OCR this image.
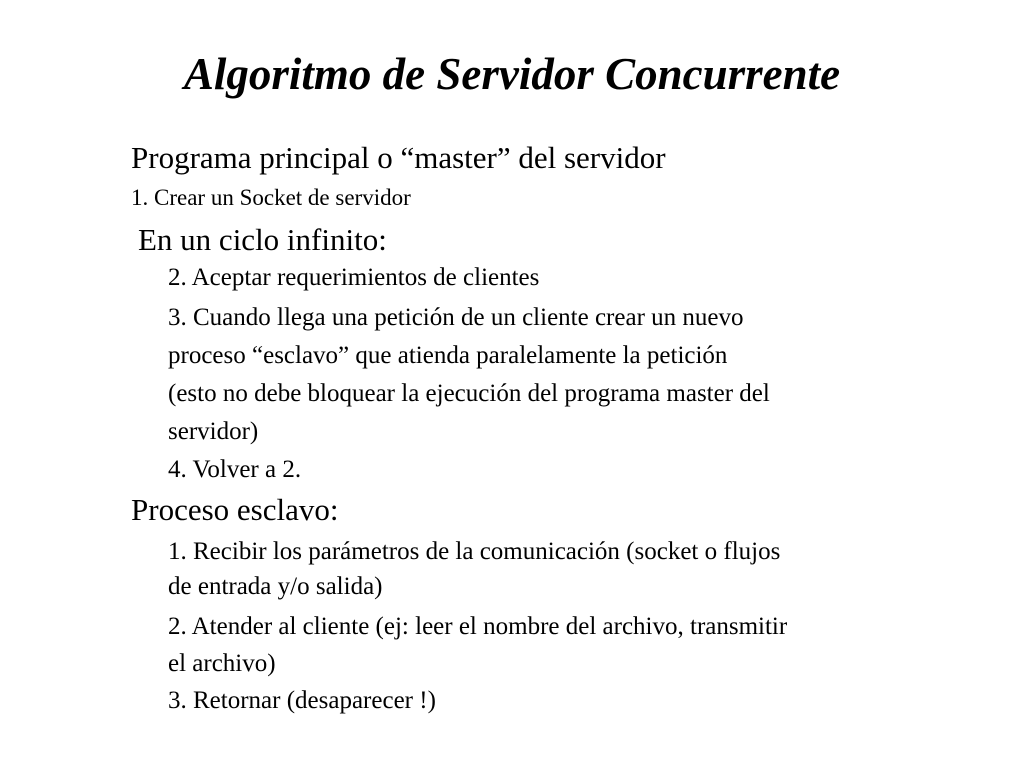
Algoritmo de Servidor Concurrente
Programa principal o “master” del servidor
1. Crear un Socket de servidor
En un ciclo infinito:
2. Aceptar requerimientos de clientes
3. Cuando llega una petición de un cliente crear un nuevo
proceso “esclavo” que atienda paralelamente la petición
(esto no debe bloquear la ejecución del programa master del
servidor)
4. Volver a 2.
Proceso esclavo:
1. Recibir los parámetros de la comunicación (socket o flujos
de entrada y/o salida)
2. Atender al cliente (ej: leer el nombre del archivo, transmitir
el archivo)
3. Retornar (desaparecer !)
